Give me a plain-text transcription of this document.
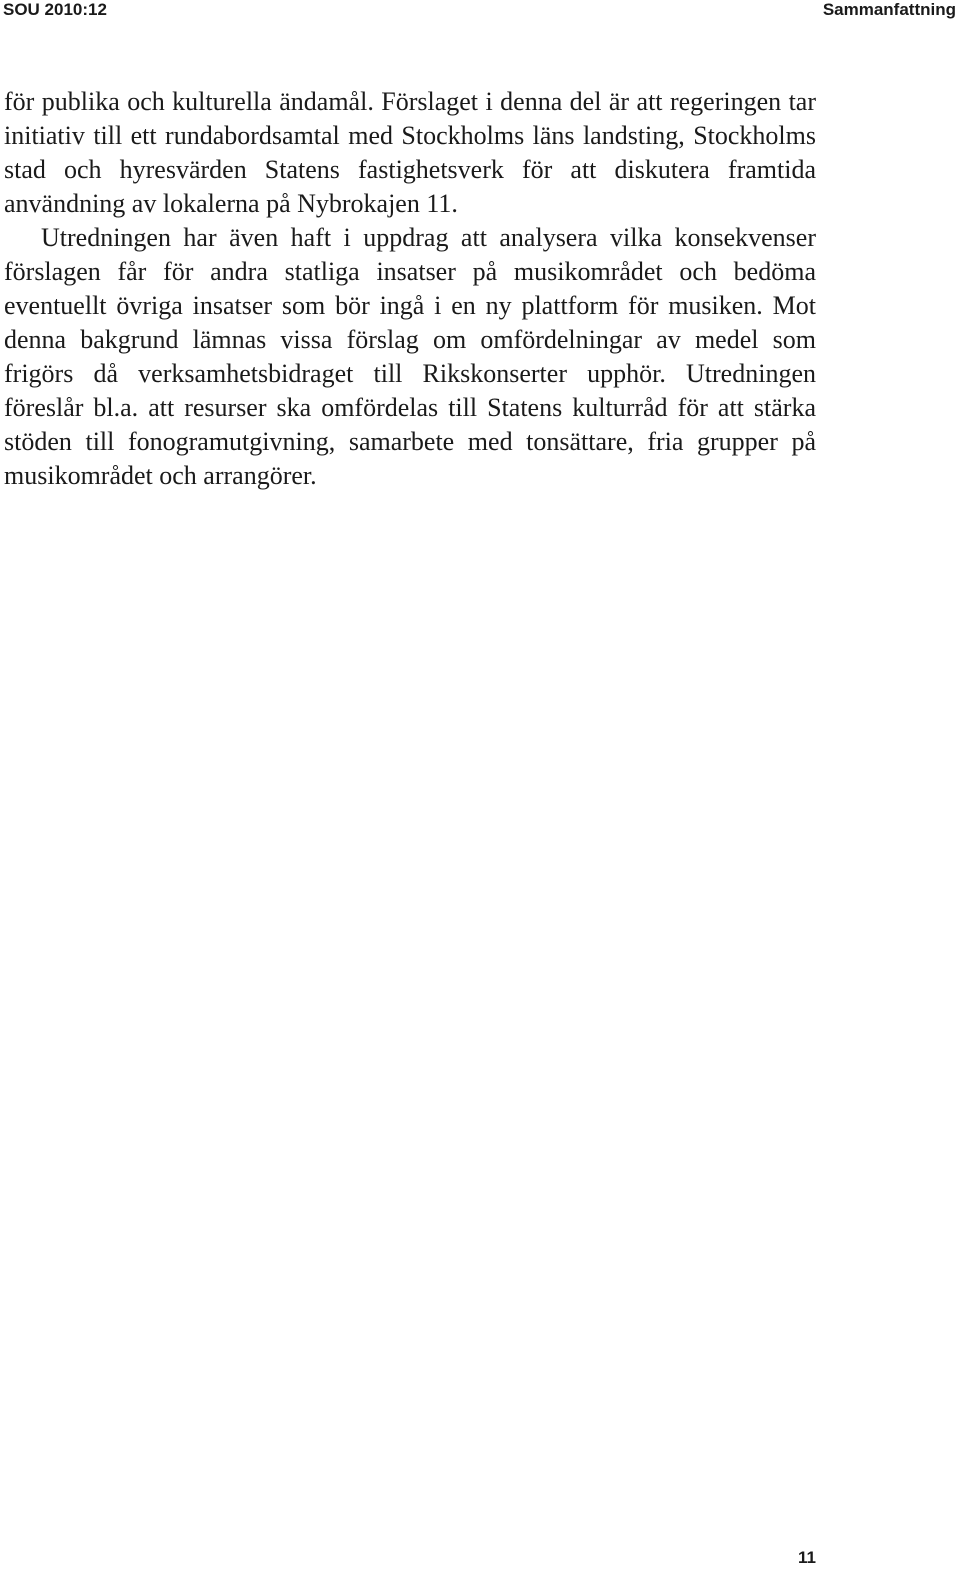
SOU 2010:12	Sammanfattning

för publika och kulturella ändamål. Förslaget i denna del är att regeringen tar initiativ till ett rundabordsamtal med Stockholms läns landsting, Stockholms stad och hyresvärden Statens fastighetsverk för att diskutera framtida användning av lokalerna på Nybrokajen 11.

Utredningen har även haft i uppdrag att analysera vilka konsekvenser förslagen får för andra statliga insatser på musikområdet och bedöma eventuellt övriga insatser som bör ingå i en ny plattform för musiken. Mot denna bakgrund lämnas vissa förslag om omfördelningar av medel som frigörs då verksamhetsbidraget till Rikskonserter upphör. Utredningen föreslår bl.a. att resurser ska omfördelas till Statens kulturråd för att stärka stöden till fonogramutgivning, samarbete med tonsättare, fria grupper på musikområdet och arrangörer.

11
